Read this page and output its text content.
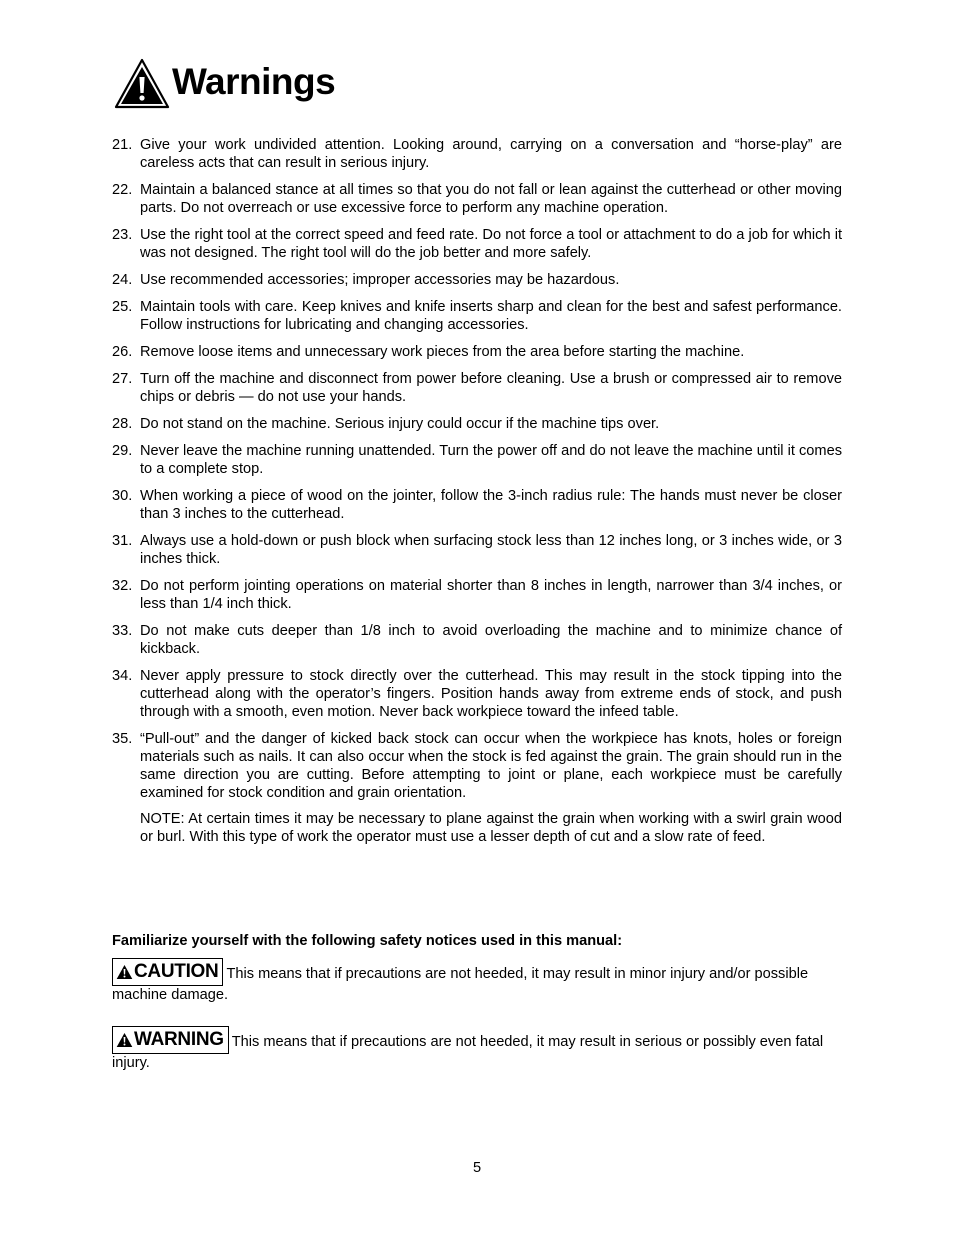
Warnings
21. Give your work undivided attention. Looking around, carrying on a conversation and “horse-play” are careless acts that can result in serious injury.
22. Maintain a balanced stance at all times so that you do not fall or lean against the cutterhead or other moving parts. Do not overreach or use excessive force to perform any machine operation.
23. Use the right tool at the correct speed and feed rate. Do not force a tool or attachment to do a job for which it was not designed. The right tool will do the job better and more safely.
24. Use recommended accessories; improper accessories may be hazardous.
25. Maintain tools with care. Keep knives and knife inserts sharp and clean for the best and safest performance. Follow instructions for lubricating and changing accessories.
26. Remove loose items and unnecessary work pieces from the area before starting the machine.
27. Turn off the machine and disconnect from power before cleaning. Use a brush or compressed air to remove chips or debris — do not use your hands.
28. Do not stand on the machine. Serious injury could occur if the machine tips over.
29. Never leave the machine running unattended. Turn the power off and do not leave the machine until it comes to a complete stop.
30. When working a piece of wood on the jointer, follow the 3-inch radius rule: The hands must never be closer than 3 inches to the cutterhead.
31. Always use a hold-down or push block when surfacing stock less than 12 inches long, or 3 inches wide, or 3 inches thick.
32. Do not perform jointing operations on material shorter than 8 inches in length, narrower than 3/4 inches, or less than 1/4 inch thick.
33. Do not make cuts deeper than 1/8 inch to avoid overloading the machine and to minimize chance of kickback.
34. Never apply pressure to stock directly over the cutterhead. This may result in the stock tipping into the cutterhead along with the operator’s fingers. Position hands away from extreme ends of stock, and push through with a smooth, even motion. Never back workpiece toward the infeed table.
35. “Pull-out” and the danger of kicked back stock can occur when the workpiece has knots, holes or foreign materials such as nails. It can also occur when the stock is fed against the grain. The grain should run in the same direction you are cutting. Before attempting to joint or plane, each workpiece must be carefully examined for stock condition and grain orientation.
NOTE: At certain times it may be necessary to plane against the grain when working with a swirl grain wood or burl. With this type of work the operator must use a lesser depth of cut and a slow rate of feed.
Familiarize yourself with the following safety notices used in this manual:
CAUTION This means that if precautions are not heeded, it may result in minor injury and/or possible machine damage.
WARNING This means that if precautions are not heeded, it may result in serious or possibly even fatal injury.
5
